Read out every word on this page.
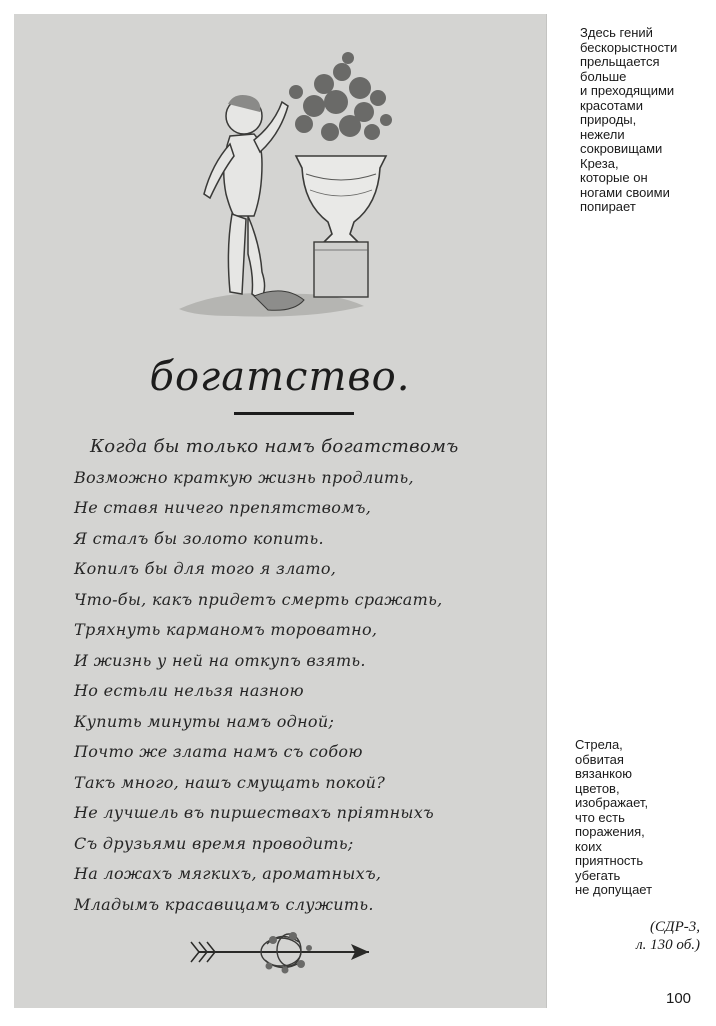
богатство.
Когда бы только намъ богатствомъ
Возможно краткую жизнь продлить,
Не ставя ничего препятствомъ,
Я сталъ бы золото копить.
Копилъ бы для того я злато,
Что-бы, какъ придетъ смерть сражать,
Тряхнуть карманомъ тороватно,
И жизнь у ней на откупъ взять.
Но естьли нельзя назною
Купить минуты намъ одной;
Почто же злата намъ съ собою
Такъ много, нашъ смущать покой?
Не лучшель въ пиршествахъ пріятныхъ
Съ друзьями время проводить;
На ложахъ мягкихъ, ароматныхъ,
Младымъ красавицамъ служить.
Здесь гений
бескорыстности
прельщается
больше
и преходящими
красотами
природы,
нежели
сокровищами
Креза,
которые он
ногами своими
попирает
Стрела,
обвитая
вязанкою
цветов,
изображает,
что есть
поражения,
коих
приятность
убегать
не допущает
(СДР-3,
л. 130 об.)
100
